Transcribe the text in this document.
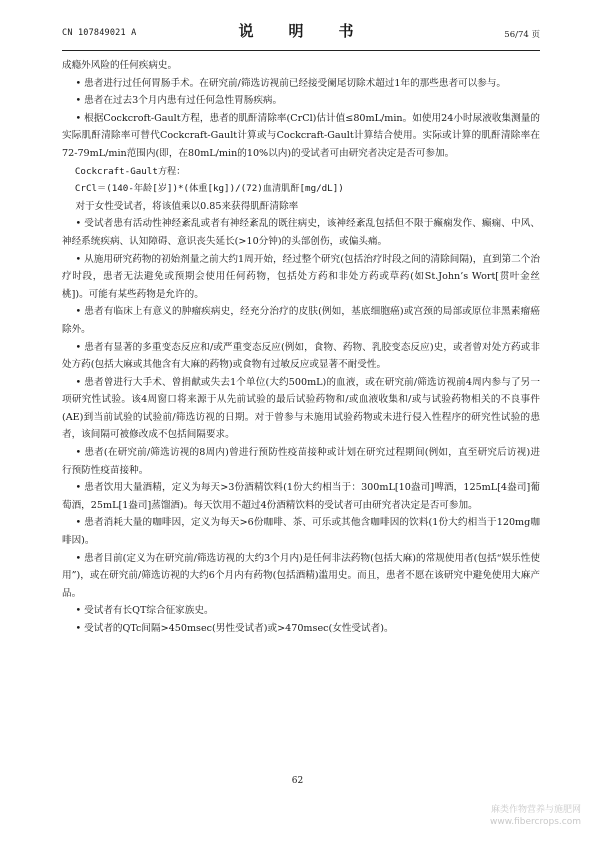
CN 107849021 A	说　明　书	56/74 页

成瘾外风险的任何疾病史。

• 患者进行过任何胃肠手术。在研究前/筛选访视前已经接受阑尾切除术超过1年的那些患者可以参与。

• 患者在过去3个月内患有过任何急性胃肠疾病。

• 根据Cockcroft-Gault方程，患者的肌酐清除率(CrCl)估计值≤80mL/min。如使用24小时尿液收集测量的实际肌酐清除率可替代Cockcraft-Gault计算或与Cockcraft-Gault计算结合使用。实际或计算的肌酐清除率在72-79mL/min范围内(即，在80mL/min的10%以内)的受试者可由研究者决定是否可参加。

Cockcraft-Gault方程：

CrCl＝(140-年龄[岁])*(体重[kg])/(72)血清肌酐[mg/dL])

对于女性受试者，将该值乘以0.85来获得肌酐清除率

• 受试者患有活动性神经紊乱或者有神经紊乱的既往病史，该神经紊乱包括但不限于癫痫发作、癫痫、中风、神经系统疾病、认知障碍、意识丧失延长(>10分钟)的头部创伤，或偏头痛。

• 从施用研究药物的初始剂量之前大约1周开始，经过整个研究(包括治疗时段之间的清除间隔)，直到第二个治疗时段，患者无法避免或预期会使用任何药物，包括处方药和非处方药或草药(如St.John’s Wort[贯叶金丝桃])。可能有某些药物是允许的。

• 患者有临床上有意义的肿瘤疾病史，经充分治疗的皮肤(例如，基底细胞癌)或宫颈的局部或原位非黑素瘤癌除外。

• 患者有显著的多重变态反应和/或严重变态反应(例如，食物、药物、乳胶变态反应)史，或者曾对处方药或非处方药(包括大麻或其他含有大麻的药物)或食物有过敏反应或显著不耐受性。

• 患者曾进行大手术、曾捐献或失去1个单位(大约500mL)的血液，或在研究前/筛选访视前4周内参与了另一项研究性试验。该4周窗口将来源于从先前试验的最后试验药物和/或血液收集和/或与试验药物相关的不良事件(AE)到当前试验的试验前/筛选访视的日期。对于曾参与未施用试验药物或未进行侵入性程序的研究性试验的患者，该间隔可被修改成不包括间隔要求。

• 患者(在研究前/筛选访视的8周内)曾进行预防性疫苗接种或计划在研究过程期间(例如，直至研究后访视)进行预防性疫苗接种。

• 患者饮用大量酒精，定义为每天>3份酒精饮料(1份大约相当于：300mL[10盎司]啤酒，125mL[4盎司]葡萄酒，25mL[1盎司]蒸馏酒)。每天饮用不超过4份酒精饮料的受试者可由研究者决定是否可参加。

• 患者消耗大量的咖啡因，定义为每天>6份咖啡、茶、可乐或其他含咖啡因的饮料(1份大约相当于120mg咖啡因)。

• 患者目前(定义为在研究前/筛选访视的大约3个月内)是任何非法药物(包括大麻)的常规使用者(包括“娱乐性使用”)，或在研究前/筛选访视的大约6个月内有药物(包括酒精)滥用史。而且，患者不愿在该研究中避免使用大麻产品。

• 受试者有长QT综合征家族史。

• 受试者的QTc间隔>450msec(男性受试者)或>470msec(女性受试者)。

62
麻类作物营养与施肥网
www.fibercrops.com
